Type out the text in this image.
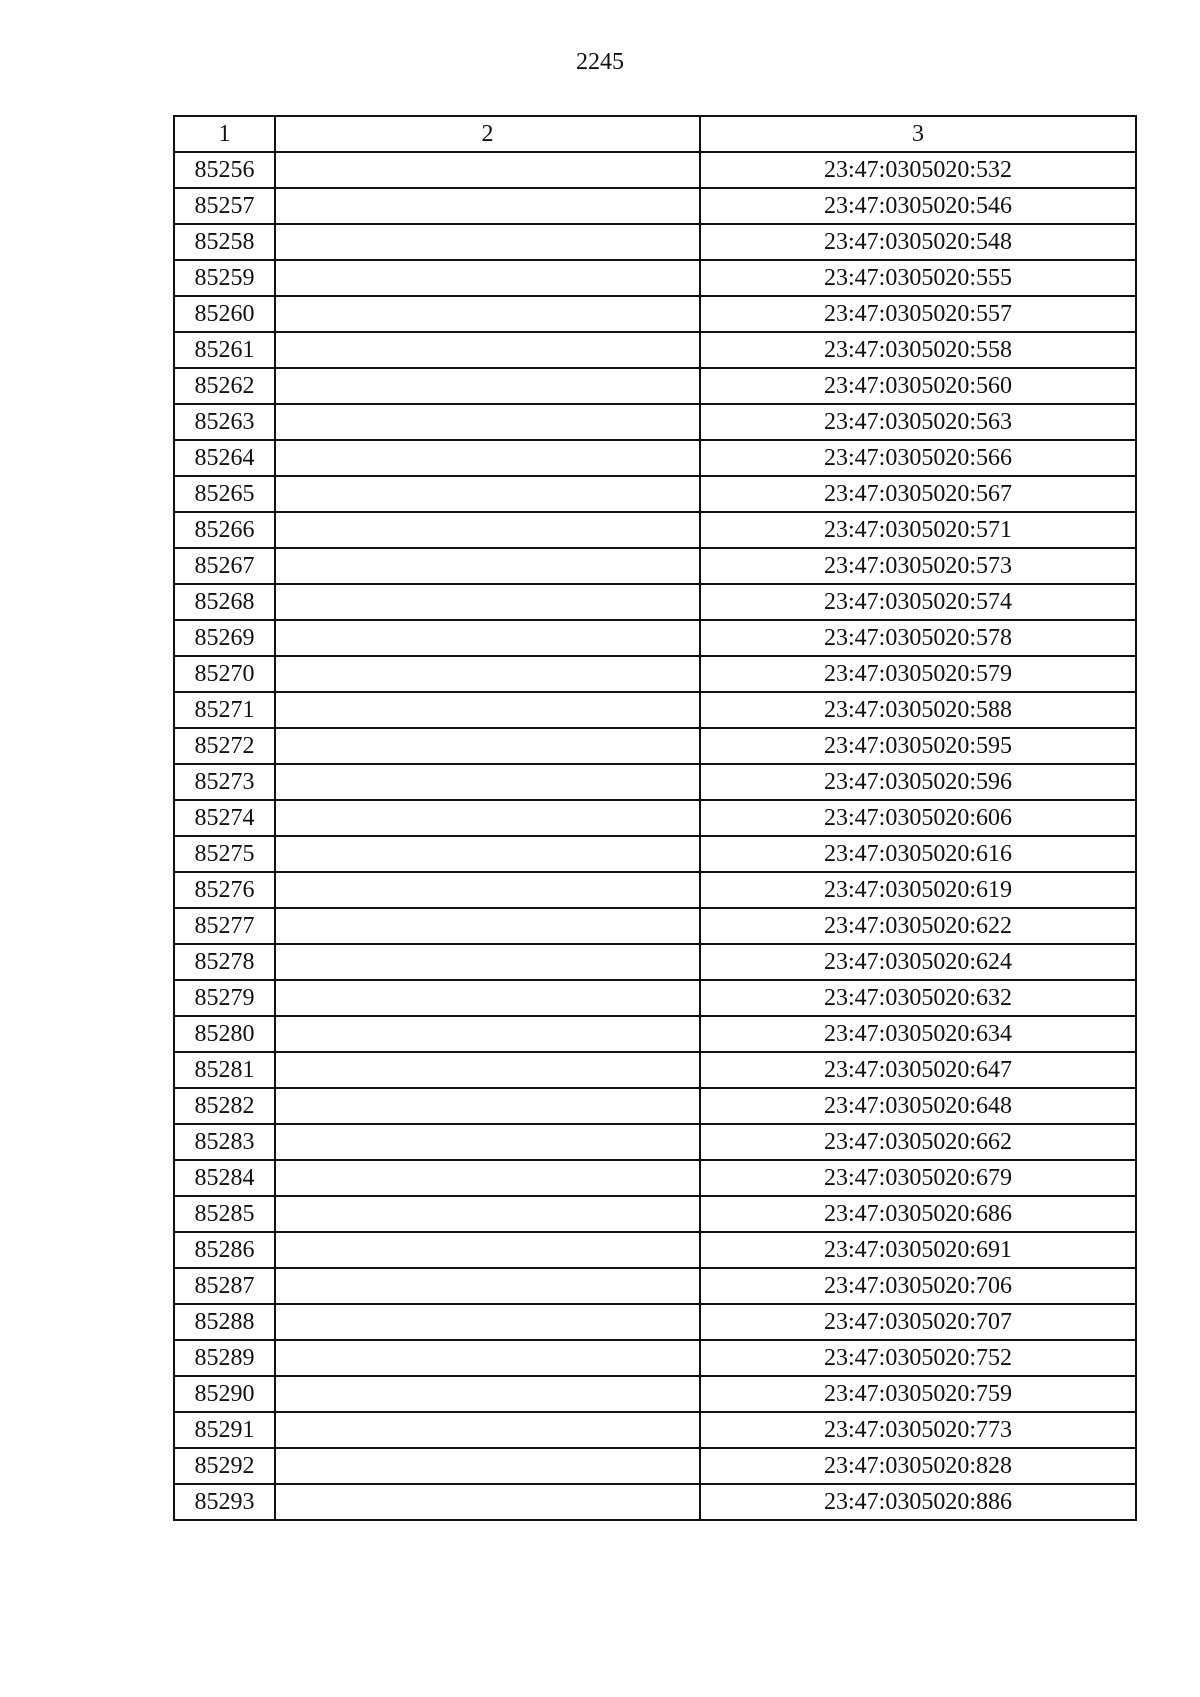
2245
1	2	3
85256		23:47:0305020:532
85257		23:47:0305020:546
85258		23:47:0305020:548
85259		23:47:0305020:555
85260		23:47:0305020:557
85261		23:47:0305020:558
85262		23:47:0305020:560
85263		23:47:0305020:563
85264		23:47:0305020:566
85265		23:47:0305020:567
85266		23:47:0305020:571
85267		23:47:0305020:573
85268		23:47:0305020:574
85269		23:47:0305020:578
85270		23:47:0305020:579
85271		23:47:0305020:588
85272		23:47:0305020:595
85273		23:47:0305020:596
85274		23:47:0305020:606
85275		23:47:0305020:616
85276		23:47:0305020:619
85277		23:47:0305020:622
85278		23:47:0305020:624
85279		23:47:0305020:632
85280		23:47:0305020:634
85281		23:47:0305020:647
85282		23:47:0305020:648
85283		23:47:0305020:662
85284		23:47:0305020:679
85285		23:47:0305020:686
85286		23:47:0305020:691
85287		23:47:0305020:706
85288		23:47:0305020:707
85289		23:47:0305020:752
85290		23:47:0305020:759
85291		23:47:0305020:773
85292		23:47:0305020:828
85293		23:47:0305020:886
